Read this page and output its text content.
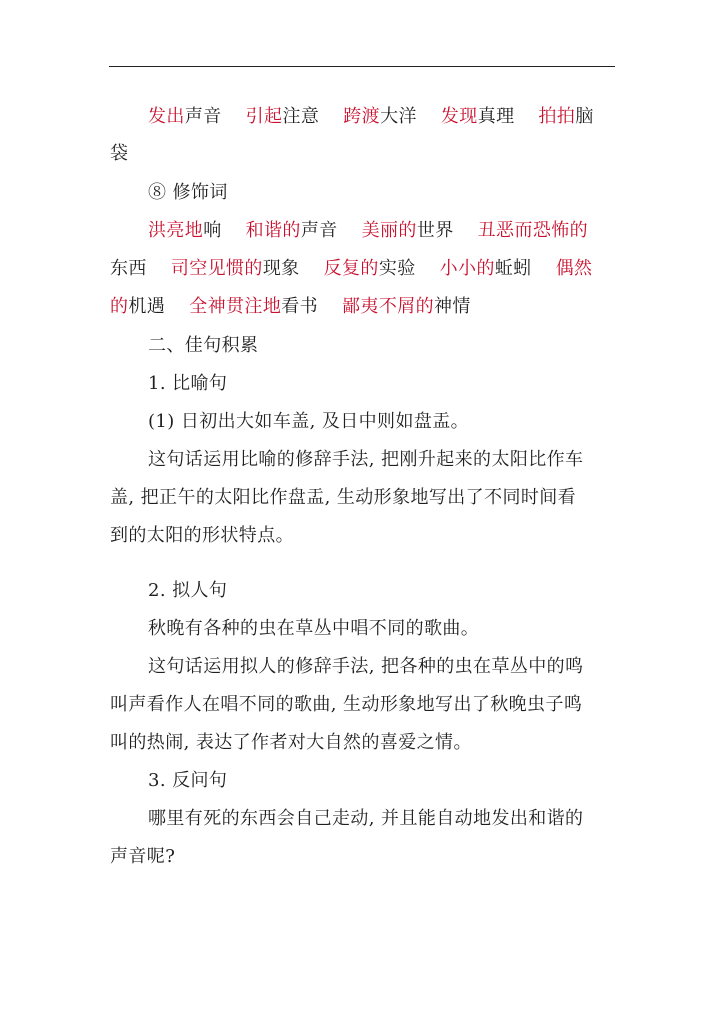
发出声音 引起注意 跨渡大洋 发现真理 拍拍脑
袋
⑧ 修饰词
洪亮地响 和谐的声音 美丽的世界 丑恶而恐怖的
东西 司空见惯的现象 反复的实验 小小的蚯蚓 偶然
的机遇 全神贯注地看书 鄙夷不屑的神情
二、佳句积累
1. 比喻句
(1) 日初出大如车盖, 及日中则如盘盂。
这句话运用比喻的修辞手法, 把刚升起来的太阳比作车
盖, 把正午的太阳比作盘盂, 生动形象地写出了不同时间看
到的太阳的形状特点。
2. 拟人句
秋晚有各种的虫在草丛中唱不同的歌曲。
这句话运用拟人的修辞手法, 把各种的虫在草丛中的鸣
叫声看作人在唱不同的歌曲, 生动形象地写出了秋晚虫子鸣
叫的热闹, 表达了作者对大自然的喜爱之情。
3. 反问句
哪里有死的东西会自己走动, 并且能自动地发出和谐的
声音呢?
